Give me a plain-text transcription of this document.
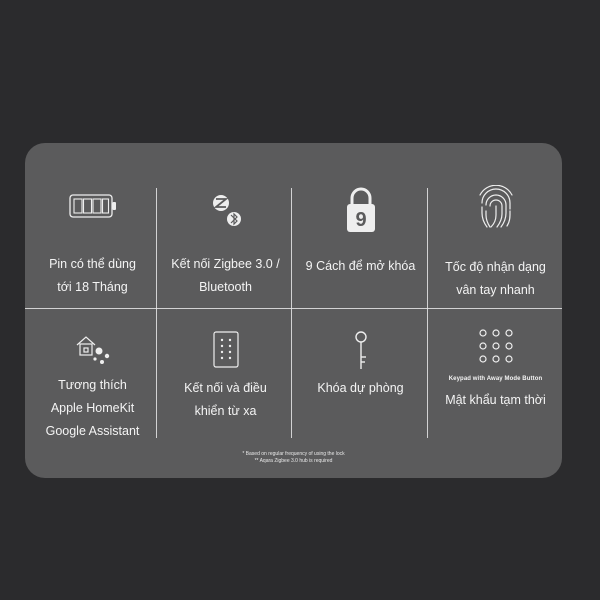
Pin có thể dùng
tới 18 Tháng
Kết nối Zigbee 3.0 /
Bluetooth
9
9 Cách để mở khóa	Tốc độ nhận dạng
vân tay nhanh
Tương thích
Apple HomeKit
Google Assistant
Kết nối và điều
khiển từ xa
Khóa dự phòng
Keypad with Away Mode Button
Mật khẩu tạm thời
* Based on regular frequency of using the lock
** Aqara Zigbee 3.0 hub is required
